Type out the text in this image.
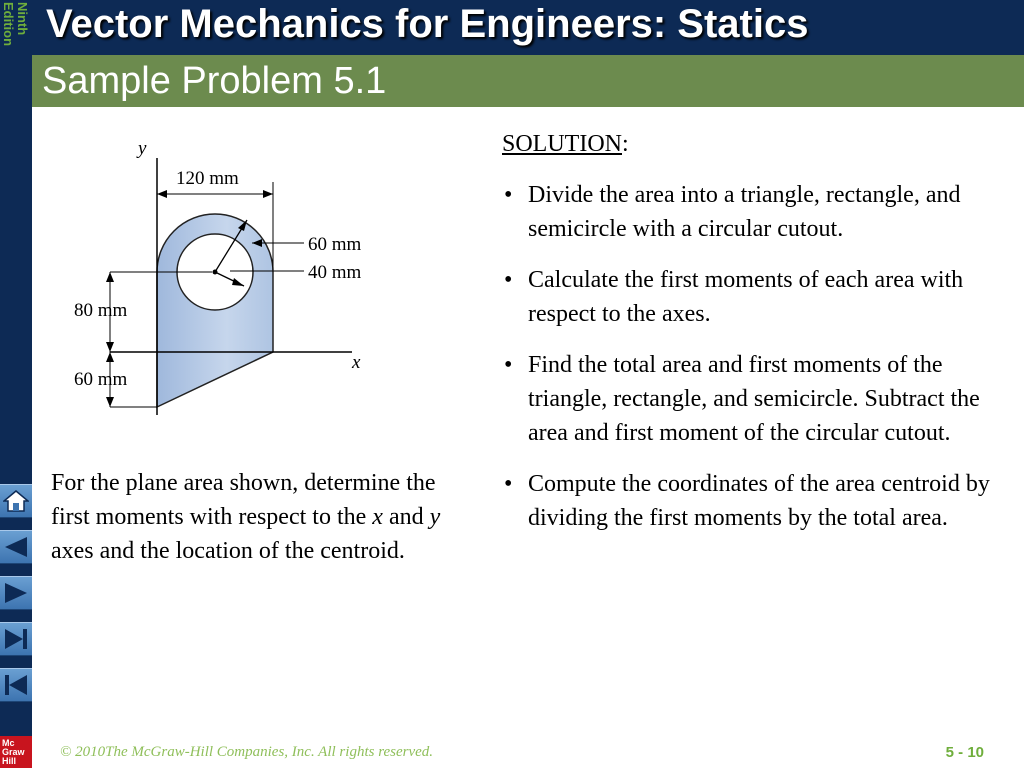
Ninth
Edition
Mc
Graw
Hill
Vector Mechanics for Engineers: Statics
Sample Problem 5.1
y
x
120 mm
60 mm
40 mm
80 mm
60 mm
For the plane area shown, determine the first moments with respect to the x and y axes and the location of the centroid.
SOLUTION:
• Divide the area into a triangle, rectangle, and semicircle with a circular cutout.
• Calculate the first moments of each area with respect to the axes.
• Find the total area and first moments of the triangle, rectangle, and semicircle. Subtract the area and first moment of the circular cutout.
• Compute the coordinates of the area centroid by dividing the first moments by the total area.
© 2010The McGraw-Hill Companies, Inc. All rights reserved.	5 - 10
